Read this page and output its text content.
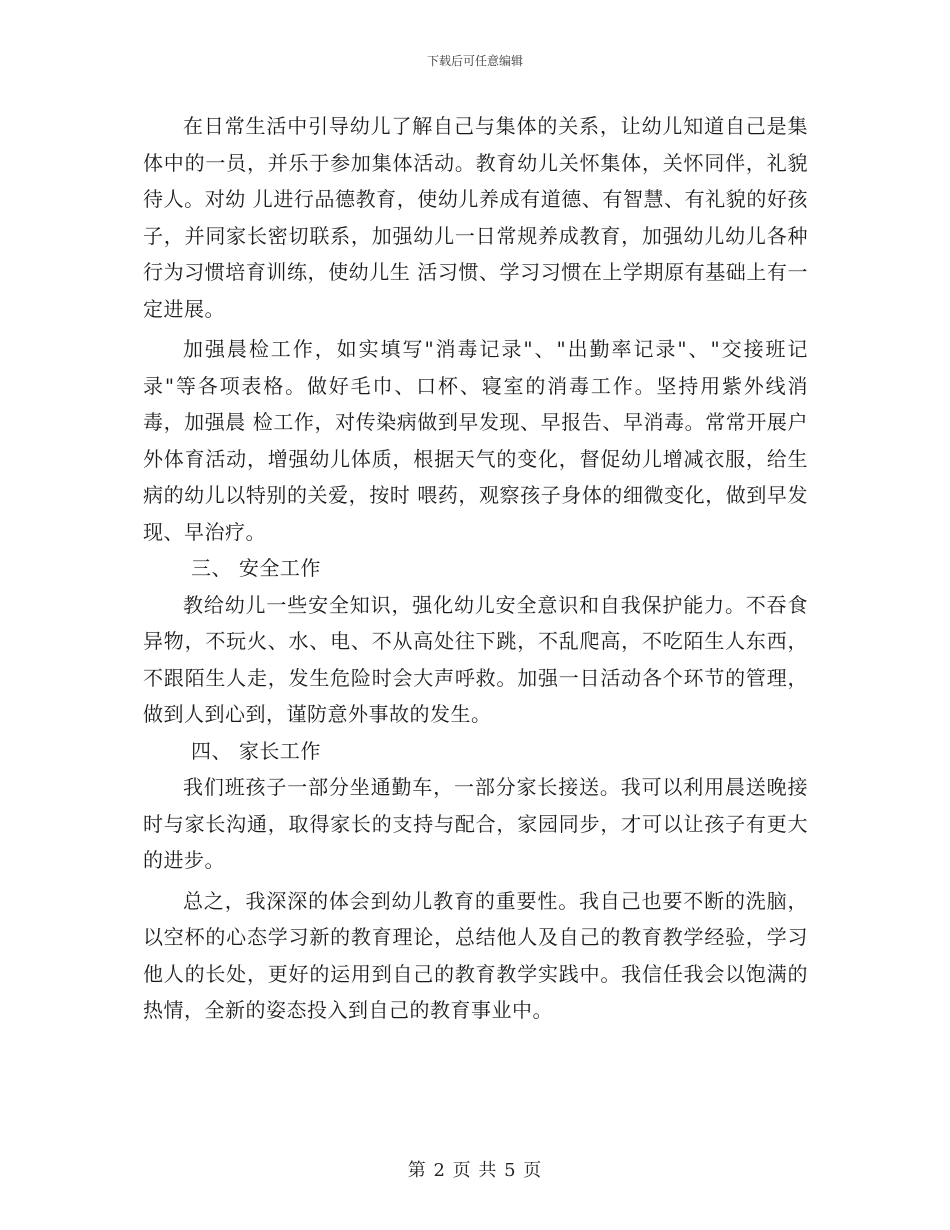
下载后可任意编辑

在日常生活中引导幼儿了解自己与集体的关系，让幼儿知道自己是集体中的一员，并乐于参加集体活动。教育幼儿关怀集体，关怀同伴，礼貌待人。对幼 儿进行品德教育，使幼儿养成有道德、有智慧、有礼貌的好孩子，并同家长密切联系，加强幼儿一日常规养成教育，加强幼儿幼儿各种行为习惯培育训练，使幼儿生 活习惯、学习习惯在上学期原有基础上有一定进展。

加强晨检工作，如实填写"消毒记录"、"出勤率记录"、"交接班记录"等各项表格。做好毛巾、口杯、寝室的消毒工作。坚持用紫外线消毒，加强晨 检工作，对传染病做到早发现、早报告、早消毒。常常开展户外体育活动，增强幼儿体质，根据天气的变化，督促幼儿增减衣服，给生病的幼儿以特别的关爱，按时 喂药，观察孩子身体的细微变化，做到早发现、早治疗。

三、 安全工作

教给幼儿一些安全知识，强化幼儿安全意识和自我保护能力。不吞食异物，不玩火、水、电、不从高处往下跳，不乱爬高，不吃陌生人东西，不跟陌生人走，发生危险时会大声呼救。加强一日活动各个环节的管理，做到人到心到，谨防意外事故的发生。

四、 家长工作

我们班孩子一部分坐通勤车，一部分家长接送。我可以利用晨送晚接时与家长沟通，取得家长的支持与配合，家园同步，才可以让孩子有更大的进步。

总之，我深深的体会到幼儿教育的重要性。我自己也要不断的洗脑，以空杯的心态学习新的教育理论，总结他人及自己的教育教学经验，学习他人的长处，更好的运用到自己的教育教学实践中。我信任我会以饱满的热情，全新的姿态投入到自己的教育事业中。

第 2 页 共 5 页
